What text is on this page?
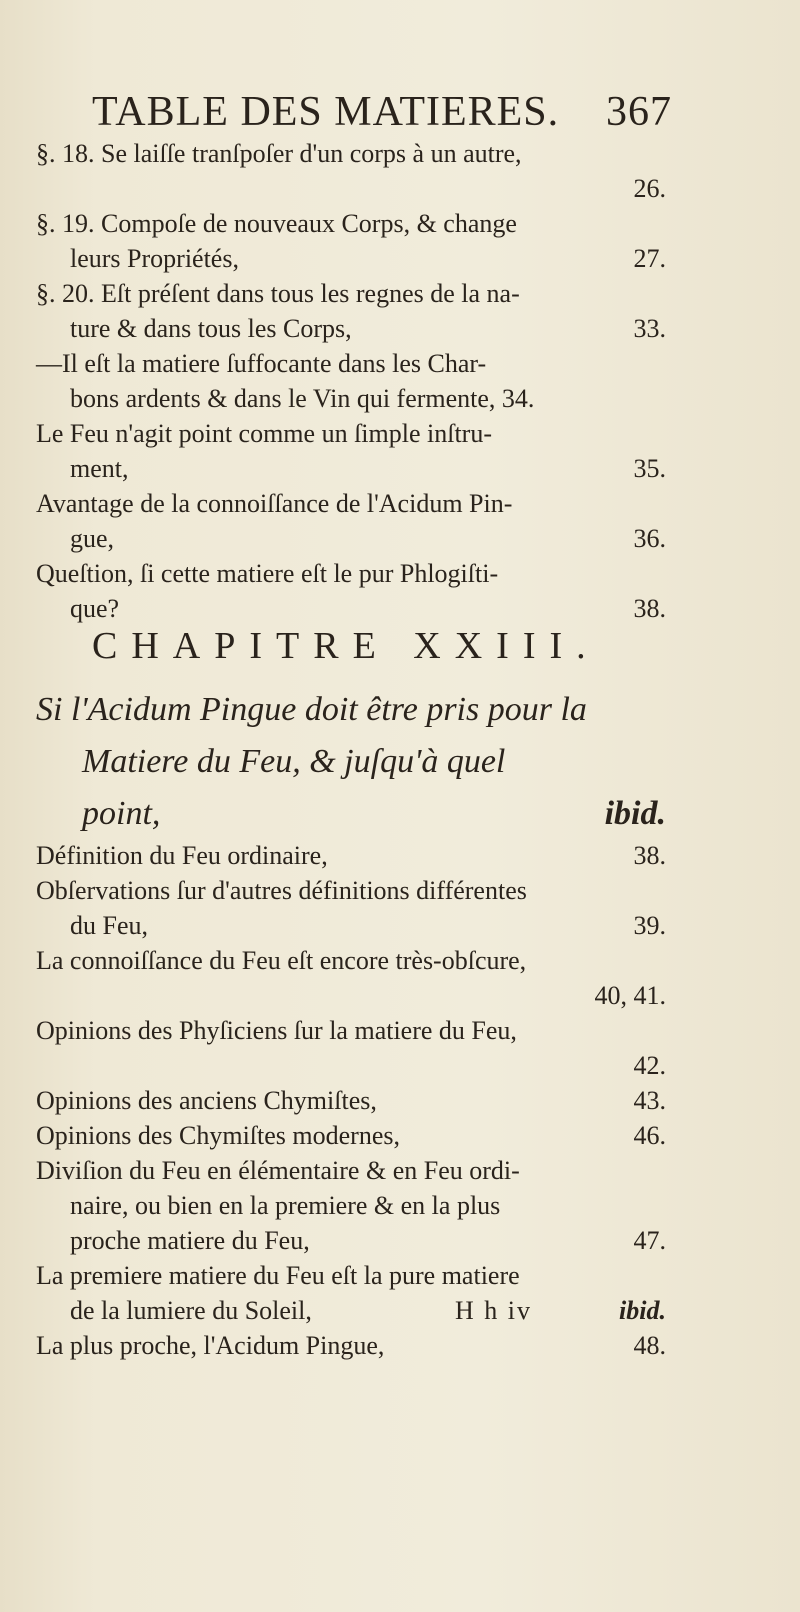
TABLE DES MATIERES. 367
§. 18. Se laiſſe tranſpoſer d'un corps à un autre,
26.
§. 19. Compoſe de nouveaux Corps, & change
leurs Propriétés,	27.
§. 20. Eſt préſent dans tous les regnes de la na-
ture & dans tous les Corps,	33.
—Il eſt la matiere ſuffocante dans les Char-
bons ardents & dans le Vin qui fermente, 34.
Le Feu n'agit point comme un ſimple inſtru-
ment,	35.
Avantage de la connoiſſance de l'Acidum Pin-
gue,	36.
Queſtion, ſi cette matiere eſt le pur Phlogiſti-
que?	38.
CHAPITRE XXIII.
Si l'Acidum Pingue doit être pris pour la
Matiere du Feu, & juſqu'à quel
point,	ibid.
Définition du Feu ordinaire,	38.
Obſervations ſur d'autres définitions différentes
du Feu,	39.
La connoiſſance du Feu eſt encore très-obſcure,
40, 41.
Opinions des Phyſiciens ſur la matiere du Feu,
42.
Opinions des anciens Chymiſtes,	43.
Opinions des Chymiſtes modernes,	46.
Diviſion du Feu en élémentaire & en Feu ordi-
naire, ou bien en la premiere & en la plus
proche matiere du Feu,	47.
La premiere matiere du Feu eſt la pure matiere
de la lumiere du Soleil,	ibid.
La plus proche, l'Acidum Pingue,	48.
H h iv
